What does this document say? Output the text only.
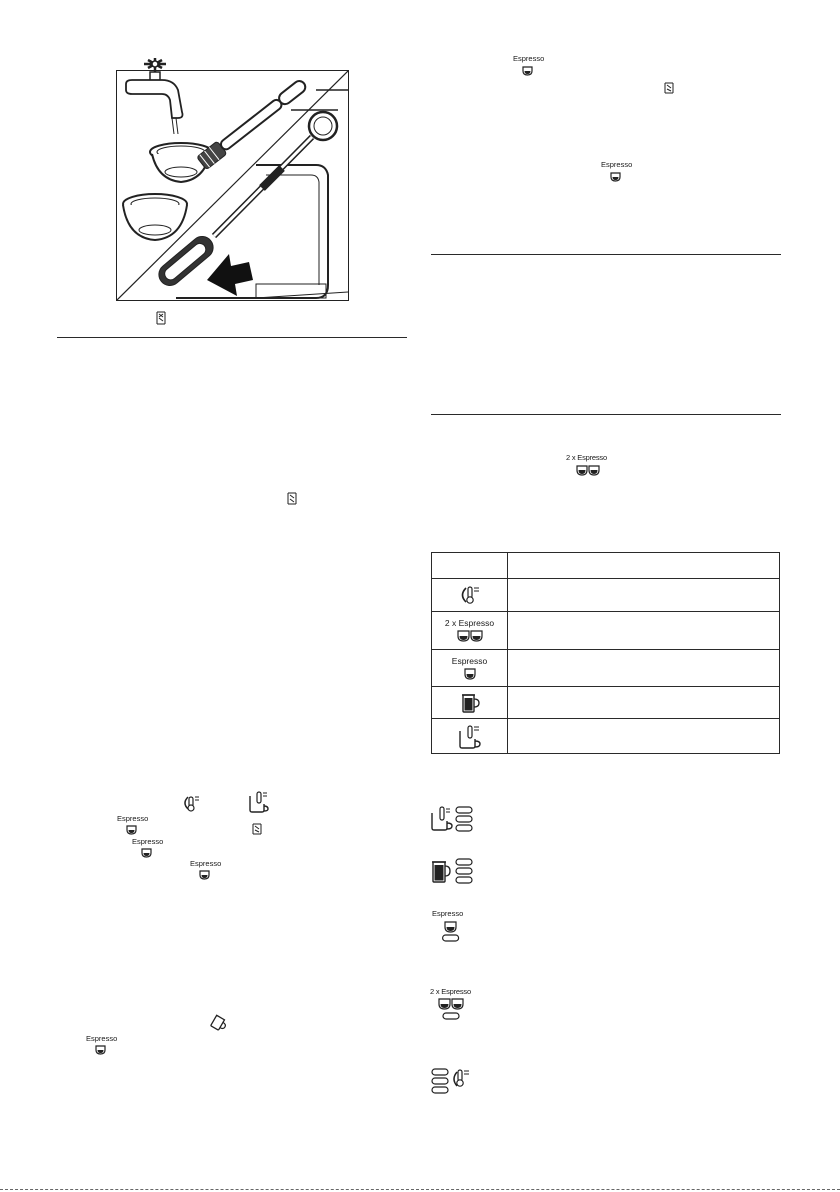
Espresso
Espresso
Espresso
Espresso
Espresso
Espresso
2 x Espresso
2 x Espresso
Espresso
Espresso
2 x Espresso
